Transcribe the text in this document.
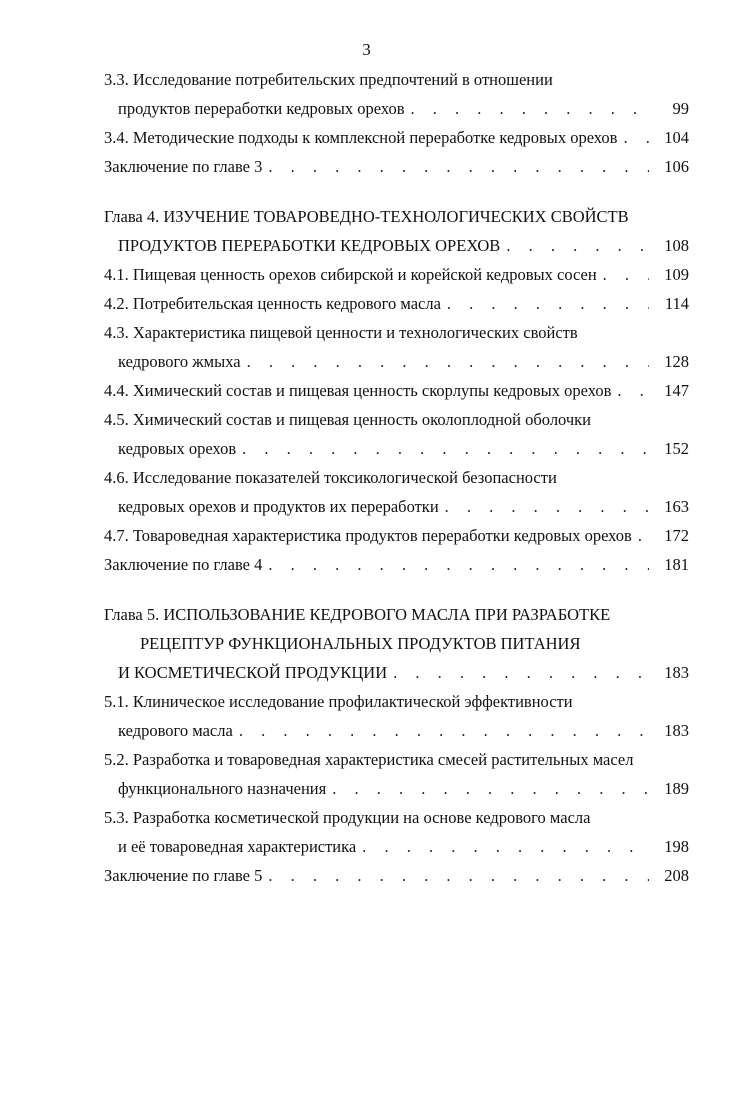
3
3.3. Исследование потребительских предпочтений в отношении
продуктов переработки кедровых орехов . . .	99
3.4. Методические подходы к комплексной переработке кедровых орехов . . .	104
Заключение по главе 3 . . .	106
Глава 4. ИЗУЧЕНИЕ ТОВАРОВЕДНО-ТЕХНОЛОГИЧЕСКИХ СВОЙСТВ
ПРОДУКТОВ ПЕРЕРАБОТКИ КЕДРОВЫХ ОРЕХОВ . . .	108
4.1. Пищевая ценность орехов сибирской и корейской кедровых сосен . . .	109
4.2. Потребительская ценность кедрового масла . . .	114
4.3. Характеристика пищевой ценности и технологических свойств
кедрового жмыха . . .	128
4.4. Химический состав и пищевая ценность скорлупы кедровых орехов . . .	147
4.5. Химический состав и пищевая ценность околоплодной оболочки
кедровых орехов . . .	152
4.6. Исследование показателей токсикологической безопасности
кедровых орехов и продуктов их переработки . . .	163
4.7. Товароведная характеристика продуктов переработки кедровых орехов . . .	172
Заключение по главе 4 . . .	181
Глава 5. ИСПОЛЬЗОВАНИЕ КЕДРОВОГО МАСЛА ПРИ РАЗРАБОТКЕ
РЕЦЕПТУР ФУНКЦИОНАЛЬНЫХ ПРОДУКТОВ ПИТАНИЯ
И КОСМЕТИЧЕСКОЙ ПРОДУКЦИИ . . .	183
5.1. Клиническое исследование профилактической эффективности
кедрового масла . . .	183
5.2. Разработка и товароведная характеристика смесей растительных масел
функционального назначения . . .	189
5.3. Разработка косметической продукции на основе кедрового масла
и её товароведная характеристика . . .	198
Заключение по главе 5 . . .	208
